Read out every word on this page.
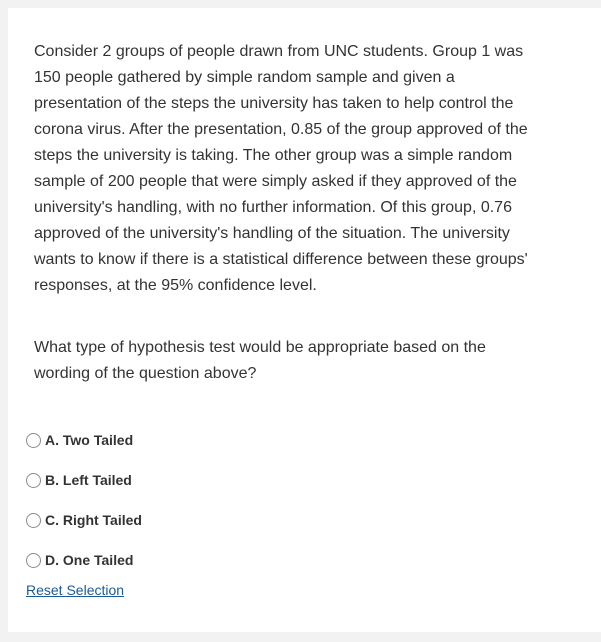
Consider 2 groups of people drawn from UNC students. Group 1 was 150 people gathered by simple random sample and given a presentation of the steps the university has taken to help control the corona virus. After the presentation, 0.85 of the group approved of the steps the university is taking. The other group was a simple random sample of 200 people that were simply asked if they approved of the university's handling, with no further information. Of this group, 0.76 approved of the university's handling of the situation. The university wants to know if there is a statistical difference between these groups' responses, at the 95% confidence level.

What type of hypothesis test would be appropriate based on the wording of the question above?

A. Two Tailed
B. Left Tailed
C. Right Tailed
D. One Tailed
Reset Selection
